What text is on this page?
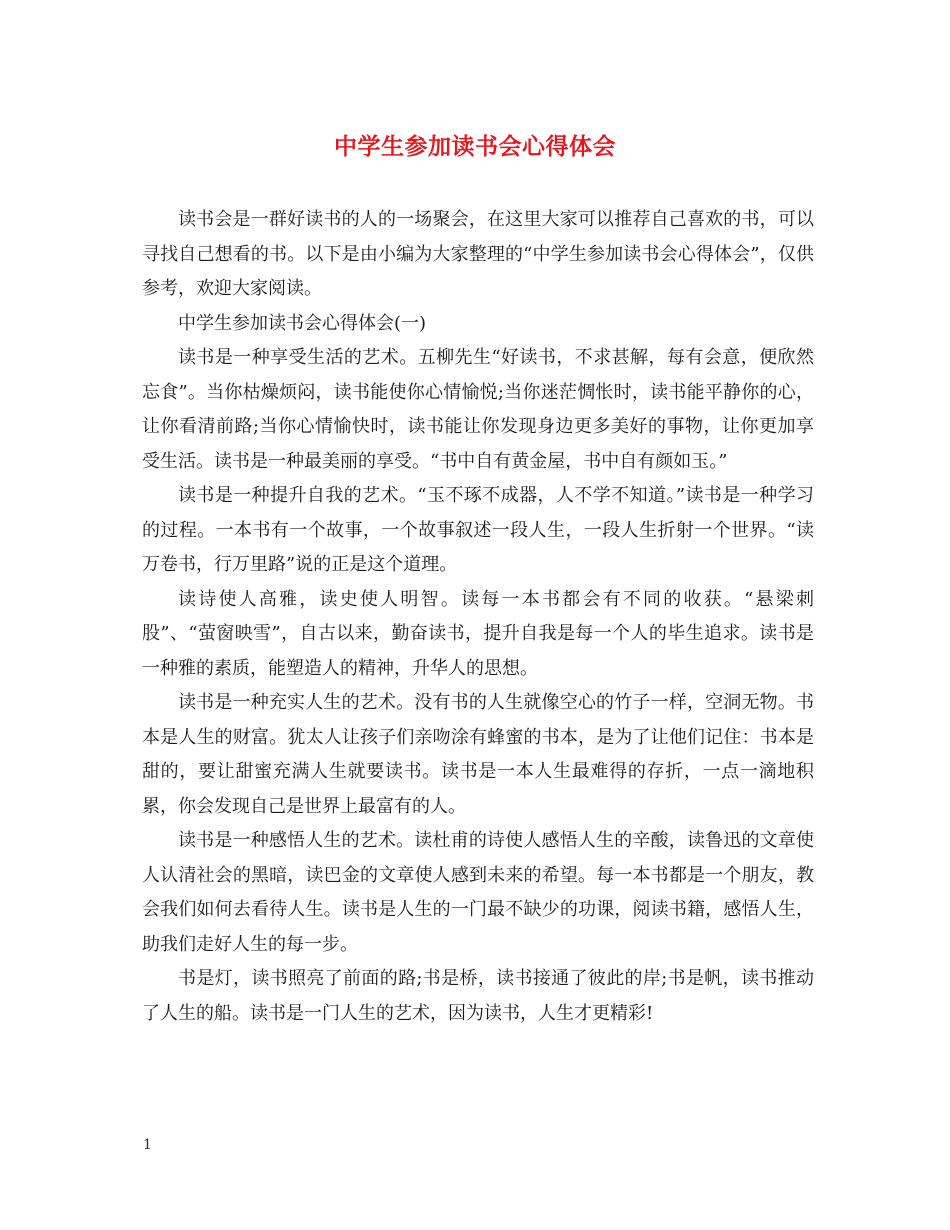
中学生参加读书会心得体会

读书会是一群好读书的人的一场聚会，在这里大家可以推荐自己喜欢的书，可以寻找自己想看的书。以下是由小编为大家整理的“中学生参加读书会心得体会”，仅供参考，欢迎大家阅读。

中学生参加读书会心得体会(一)

读书是一种享受生活的艺术。五柳先生“好读书，不求甚解，每有会意，便欣然忘食”。当你枯燥烦闷，读书能使你心情愉悦;当你迷茫惆怅时，读书能平静你的心，让你看清前路;当你心情愉快时，读书能让你发现身边更多美好的事物，让你更加享受生活。读书是一种最美丽的享受。“书中自有黄金屋，书中自有颜如玉。”

读书是一种提升自我的艺术。“玉不琢不成器，人不学不知道。”读书是一种学习的过程。一本书有一个故事，一个故事叙述一段人生，一段人生折射一个世界。“读万卷书，行万里路”说的正是这个道理。

读诗使人高雅，读史使人明智。读每一本书都会有不同的收获。“悬梁刺股”、“萤窗映雪”，自古以来，勤奋读书，提升自我是每一个人的毕生追求。读书是一种雅的素质，能塑造人的精神，升华人的思想。

读书是一种充实人生的艺术。没有书的人生就像空心的竹子一样，空洞无物。书本是人生的财富。犹太人让孩子们亲吻涂有蜂蜜的书本，是为了让他们记住：书本是甜的，要让甜蜜充满人生就要读书。读书是一本人生最难得的存折，一点一滴地积累，你会发现自己是世界上最富有的人。

读书是一种感悟人生的艺术。读杜甫的诗使人感悟人生的辛酸，读鲁迅的文章使人认清社会的黑暗，读巴金的文章使人感到未来的希望。每一本书都是一个朋友，教会我们如何去看待人生。读书是人生的一门最不缺少的功课，阅读书籍，感悟人生，助我们走好人生的每一步。

书是灯，读书照亮了前面的路;书是桥，读书接通了彼此的岸;书是帆，读书推动了人生的船。读书是一门人生的艺术，因为读书，人生才更精彩!

1
